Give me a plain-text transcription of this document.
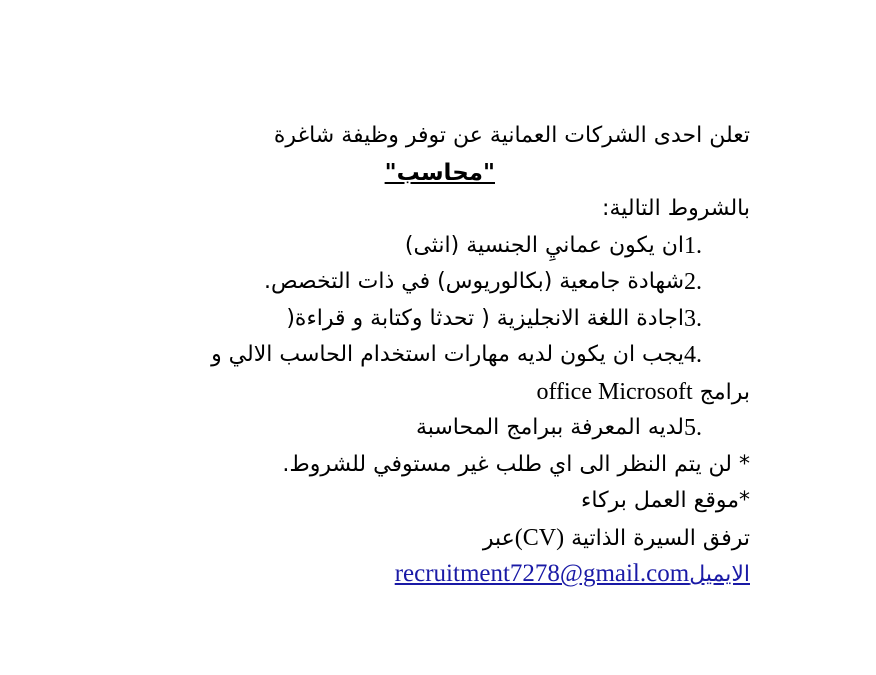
تعلن احدى الشركات العمانية عن توفر وظيفة شاغرة
"محاسب"
بالشروط التالية:
1.
ان يكون عمانيِ الجنسية (انثى)
2.
شهادة جامعية (بكالوريوس) في ذات التخصص.
3.
اجادة اللغة الانجليزية ( تحدثا وكتابة و قراءة(
4.
يجب ان يكون لديه مهارات استخدام الحاسب الالي و
برامج office Microsoft
5.
لديه المعرفة ببرامج المحاسبة
* لن يتم النظر الى اي طلب غير مستوفي للشروط.
*موقع العمل بركاء
ترفق السيرة الذاتية (CV)عبر
الايميلrecruitment7278@gmail.com
